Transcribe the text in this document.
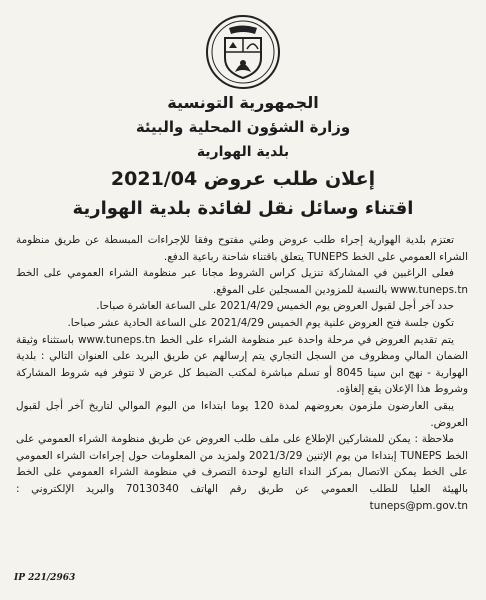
الجمهورية التونسية
وزارة الشؤون المحلية والبيئة
بلدية الهوارية
إعلان طلب عروض 2021/04
اقتناء وسائل نقل لفائدة بلدية الهوارية

تعتزم بلدية الهوارية إجراء طلب عروض وطني مفتوح وفقا للإجراءات المبسطة عن طريق منظومة الشراء العمومي على الخط TUNEPS يتعلق باقتناء شاحنة رباعية الدفع.

فعلى الراغبين في المشاركة تنزيل كراس الشروط مجانا عبر منظومة الشراء العمومي على الخط www.tuneps.tn بالنسبة للمزودين المسجلين على الموقع.

حدد آخر أجل لقبول العروض يوم الخميس 2021/4/29 على الساعة العاشرة صباحا.

تكون جلسة فتح العروض علنية يوم الخميس 2021/4/29 على الساعة الحادية عشر صباحا.

يتم تقديم العروض في مرحلة واحدة عبر منظومة الشراء على الخط www.tuneps.tn باستثناء وثيقة الضمان المالي ومظروف من السجل التجاري يتم إرسالهم عن طريق البريد على العنوان التالي : بلدية الهوارية - نهج ابن سينا 8045 أو تسلم مباشرة لمكتب الضبط كل عرض لا تتوفر فيه شروط المشاركة وشروط هذا الإعلان يقع إلغاؤه.

يبقى العارضون ملزمون بعروضهم لمدة 120 يوما ابتداءا من اليوم الموالي لتاريخ آخر أجل لقبول العروض.

ملاحظة : يمكن للمشاركين الإطلاع على ملف طلب العروض عن طريق منظومة الشراء العمومي على الخط TUNEPS إبتداءا من يوم الإثنين 2021/3/29 ولمزيد من المعلومات حول إجراءات الشراء العمومي على الخط يمكن الاتصال بمركز النداء التابع لوحدة التصرف في منظومة الشراء العمومي على الخط بالهيئة العليا للطلب العمومي عن طريق رقم الهاتف 70130340 والبريد الإلكتروني : tuneps@pm.gov.tn

IP 221/2963
